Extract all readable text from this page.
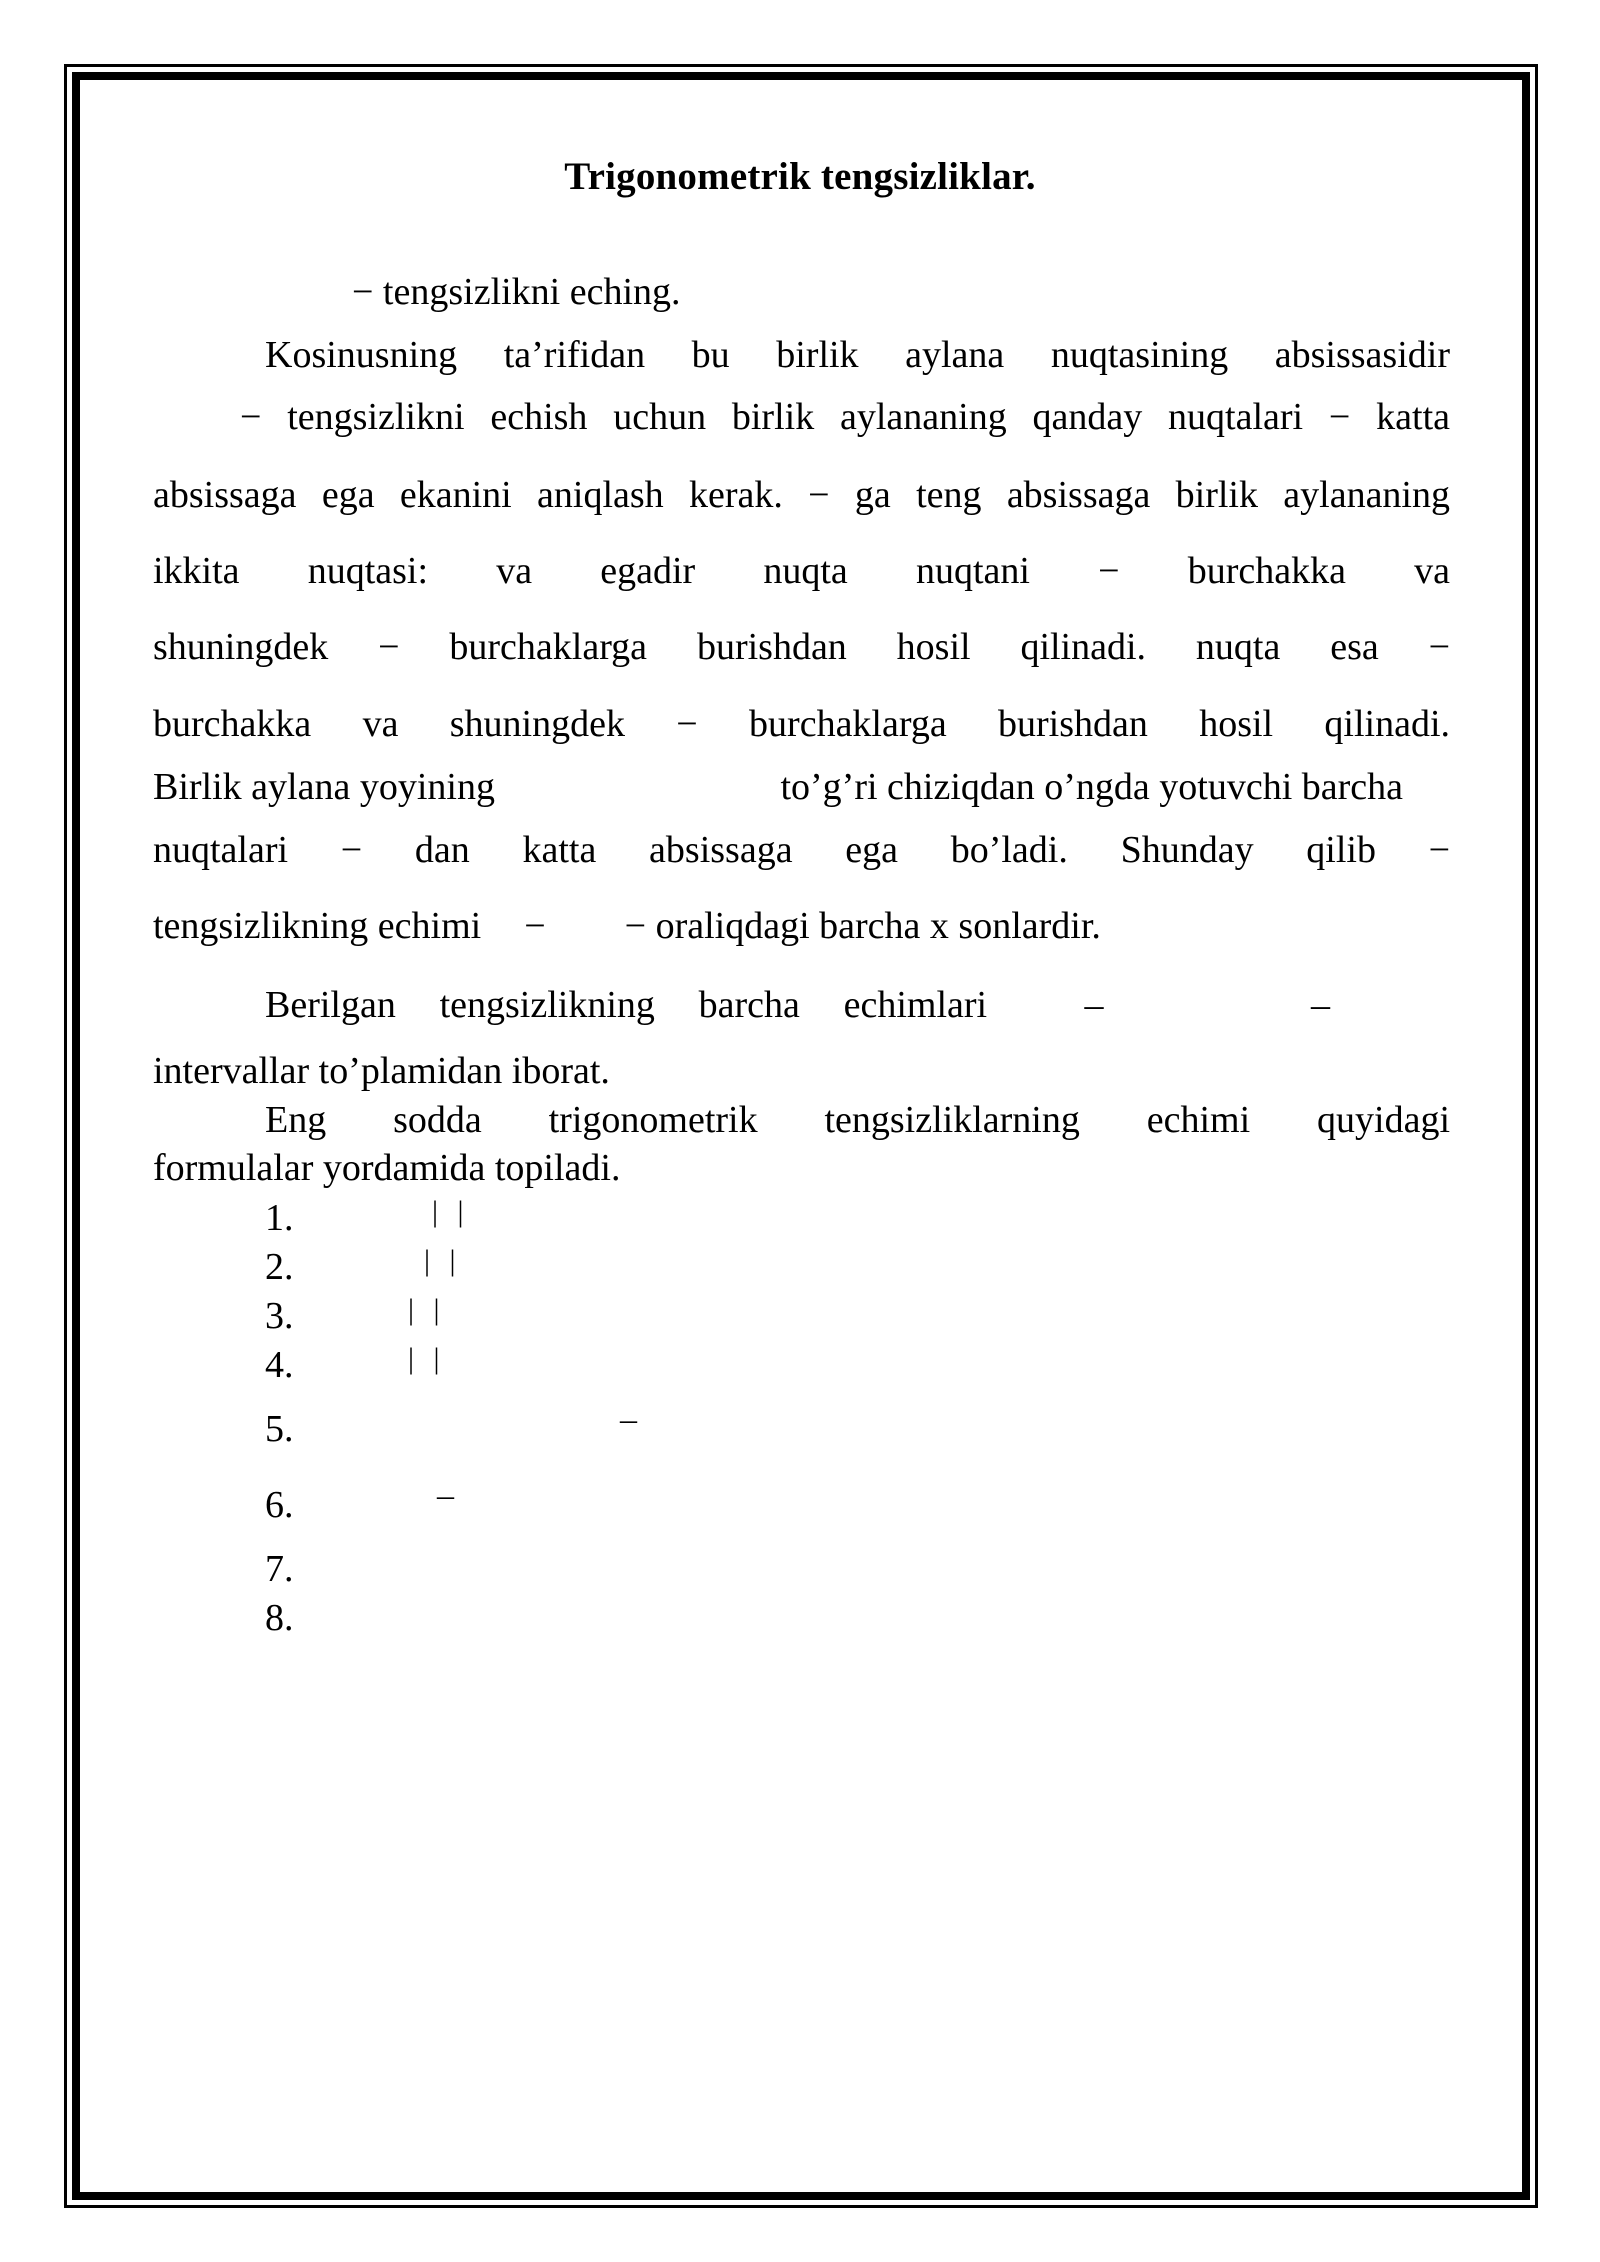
Trigonometrik tengsizliklar.
− tengsizlikni eching.
Kosinusning ta’rifidan bu birlik aylana nuqtasining absissasidir
− tengsizlikni echish uchun birlik aylananing qanday nuqtalari − katta
absissaga ega ekanini aniqlash kerak. − ga teng absissaga birlik aylananing
ikkita nuqtasi: va egadir nuqta nuqtani − burchakka va
shuningdek − burchaklarga burishdan hosil qilinadi. nuqta esa −
burchakka va shuningdek − burchaklarga burishdan hosil qilinadi.
Birlik aylana yoyining	to’g’ri chiziqdan o’ngda yotuvchi barcha
nuqtalari − dan katta absissaga ega bo’ladi. Shunday qilib −
tengsizlikning echimi − − oraliqdagi barcha x sonlardir.
Berilgan tengsizlikning barcha echimlari	–	–
intervallar to’plamidan iborat.
Eng sodda trigonometrik tengsizliklarning echimi quyidagi
formulalar yordamida topiladi.
1.
2.
3.
4.
5.
6.
7.
8.
| |
| |
| |
| |
–
–
